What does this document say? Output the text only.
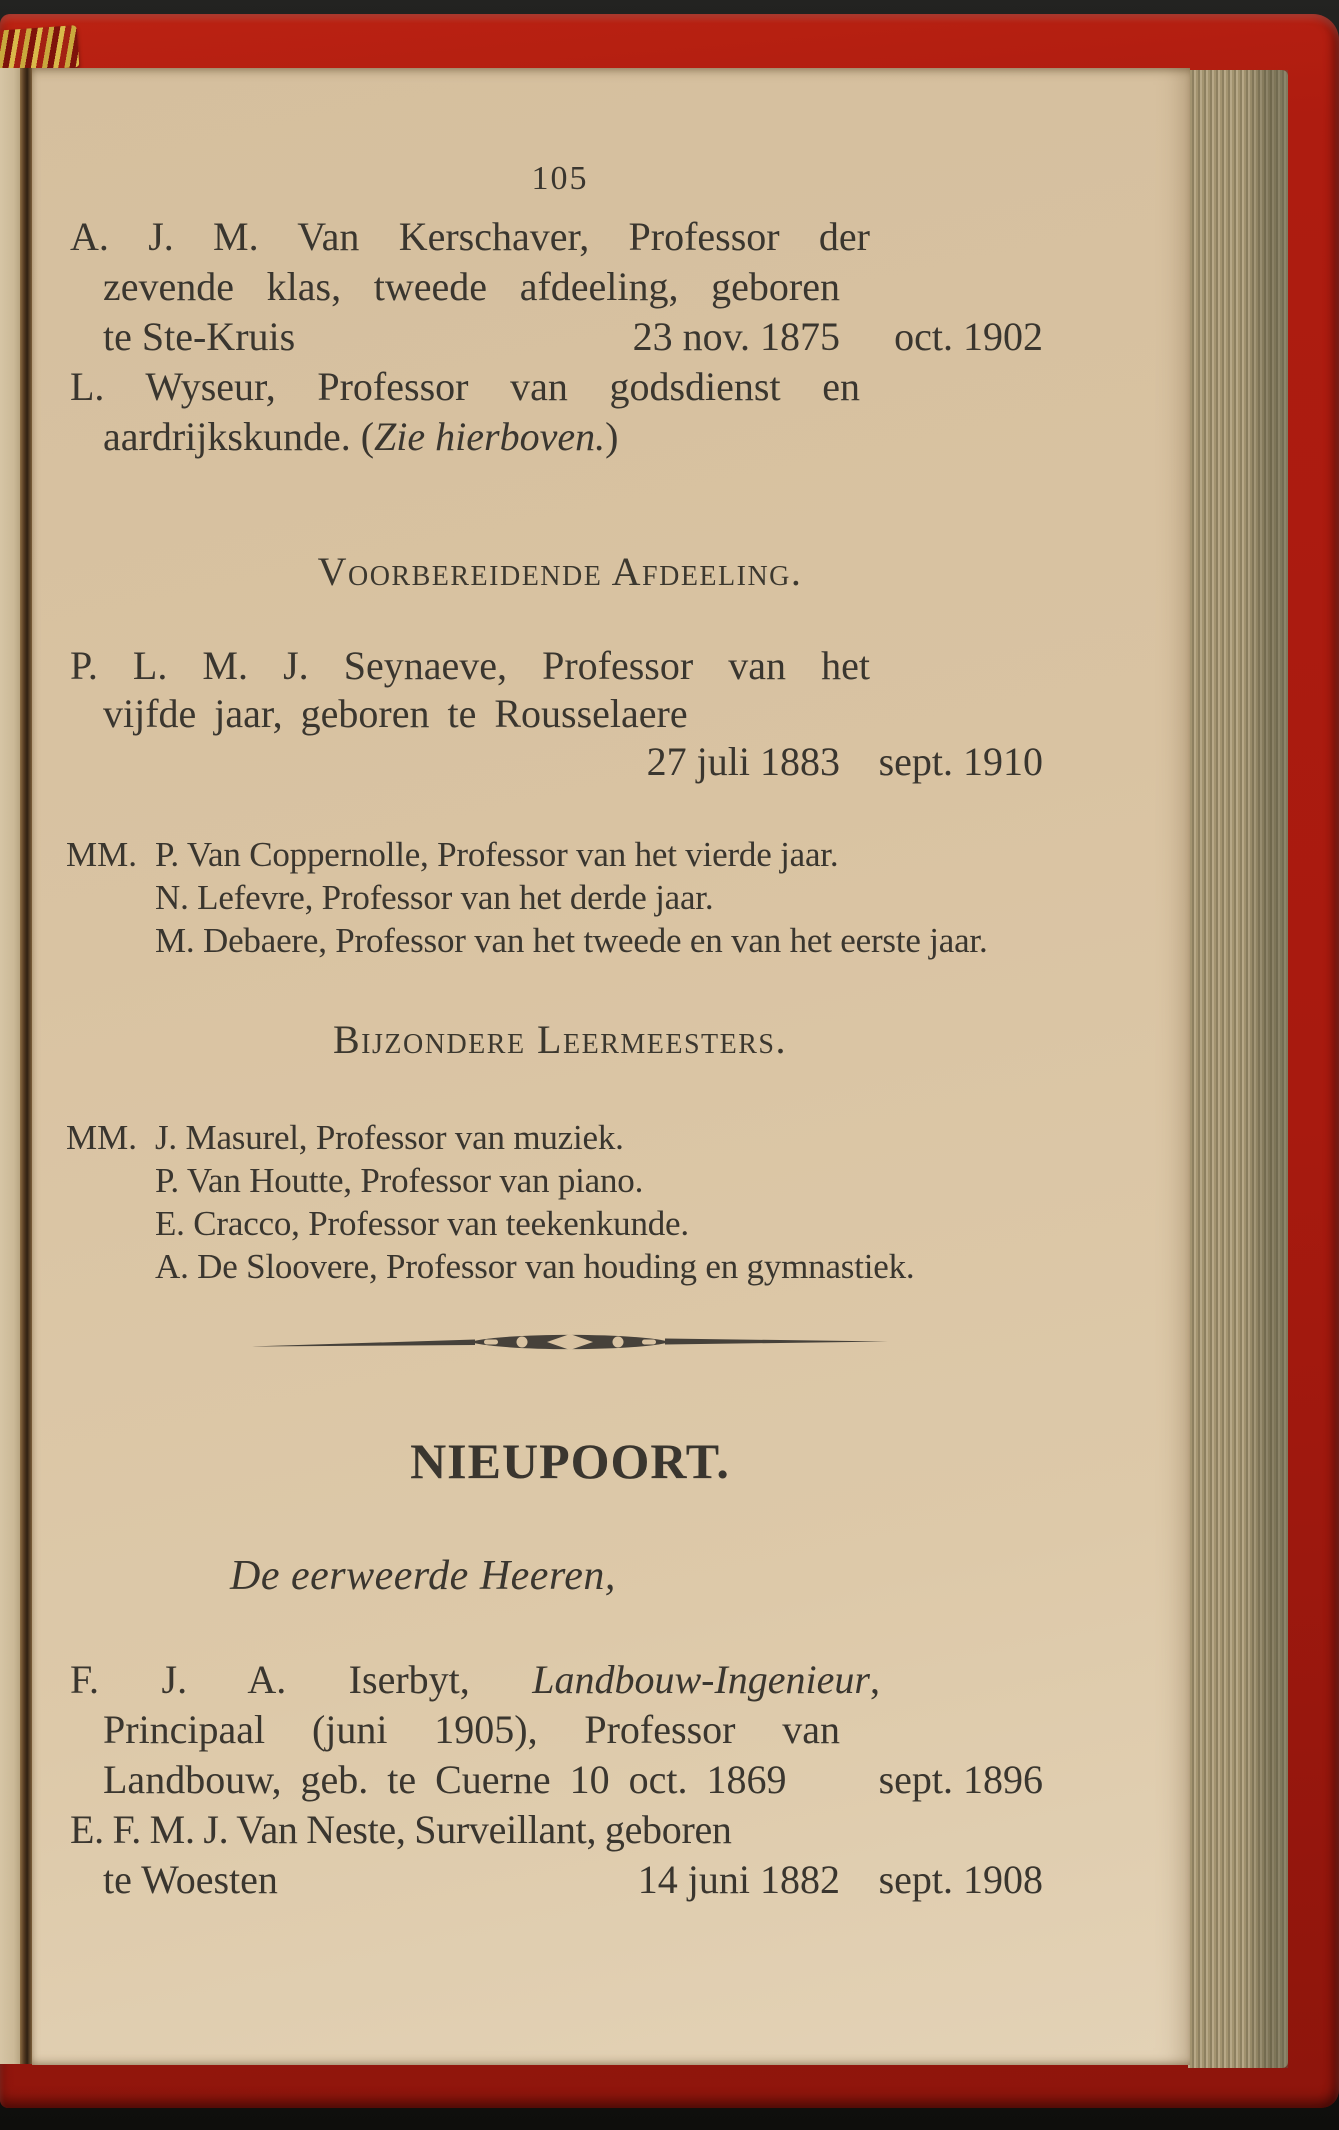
105
A. J. M. Van Kerschaver, Professor der
zevende klas, tweede afdeeling, geboren
te Ste-Kruis	23 nov. 1875 oct. 1902
L. Wyseur, Professor van godsdienst en
aardrijkskunde. (Zie hierboven.)
Voorbereidende Afdeeling.
P. L. M. J. Seynaeve, Professor van het
vijfde jaar, geboren te Rousselaere
27 juli 1883 sept. 1910
MM. P. Van Coppernolle, Professor van het vierde jaar.
N. Lefevre, Professor van het derde jaar.
M. Debaere, Professor van het tweede en van het eerste jaar.
Bijzondere Leermeesters.
MM. J. Masurel, Professor van muziek.
P. Van Houtte, Professor van piano.
E. Cracco, Professor van teekenkunde.
A. De Sloovere, Professor van houding en gymnastiek.
NIEUPOORT.
De eerweerde Heeren,
F. J. A. Iserbyt, Landbouw-Ingenieur,
Principaal (juni 1905), Professor van
Landbouw, geb. te Cuerne 10 oct. 1869 sept. 1896
E. F. M. J. Van Neste, Surveillant, geboren
te Woesten	14 juni 1882 sept. 1908
